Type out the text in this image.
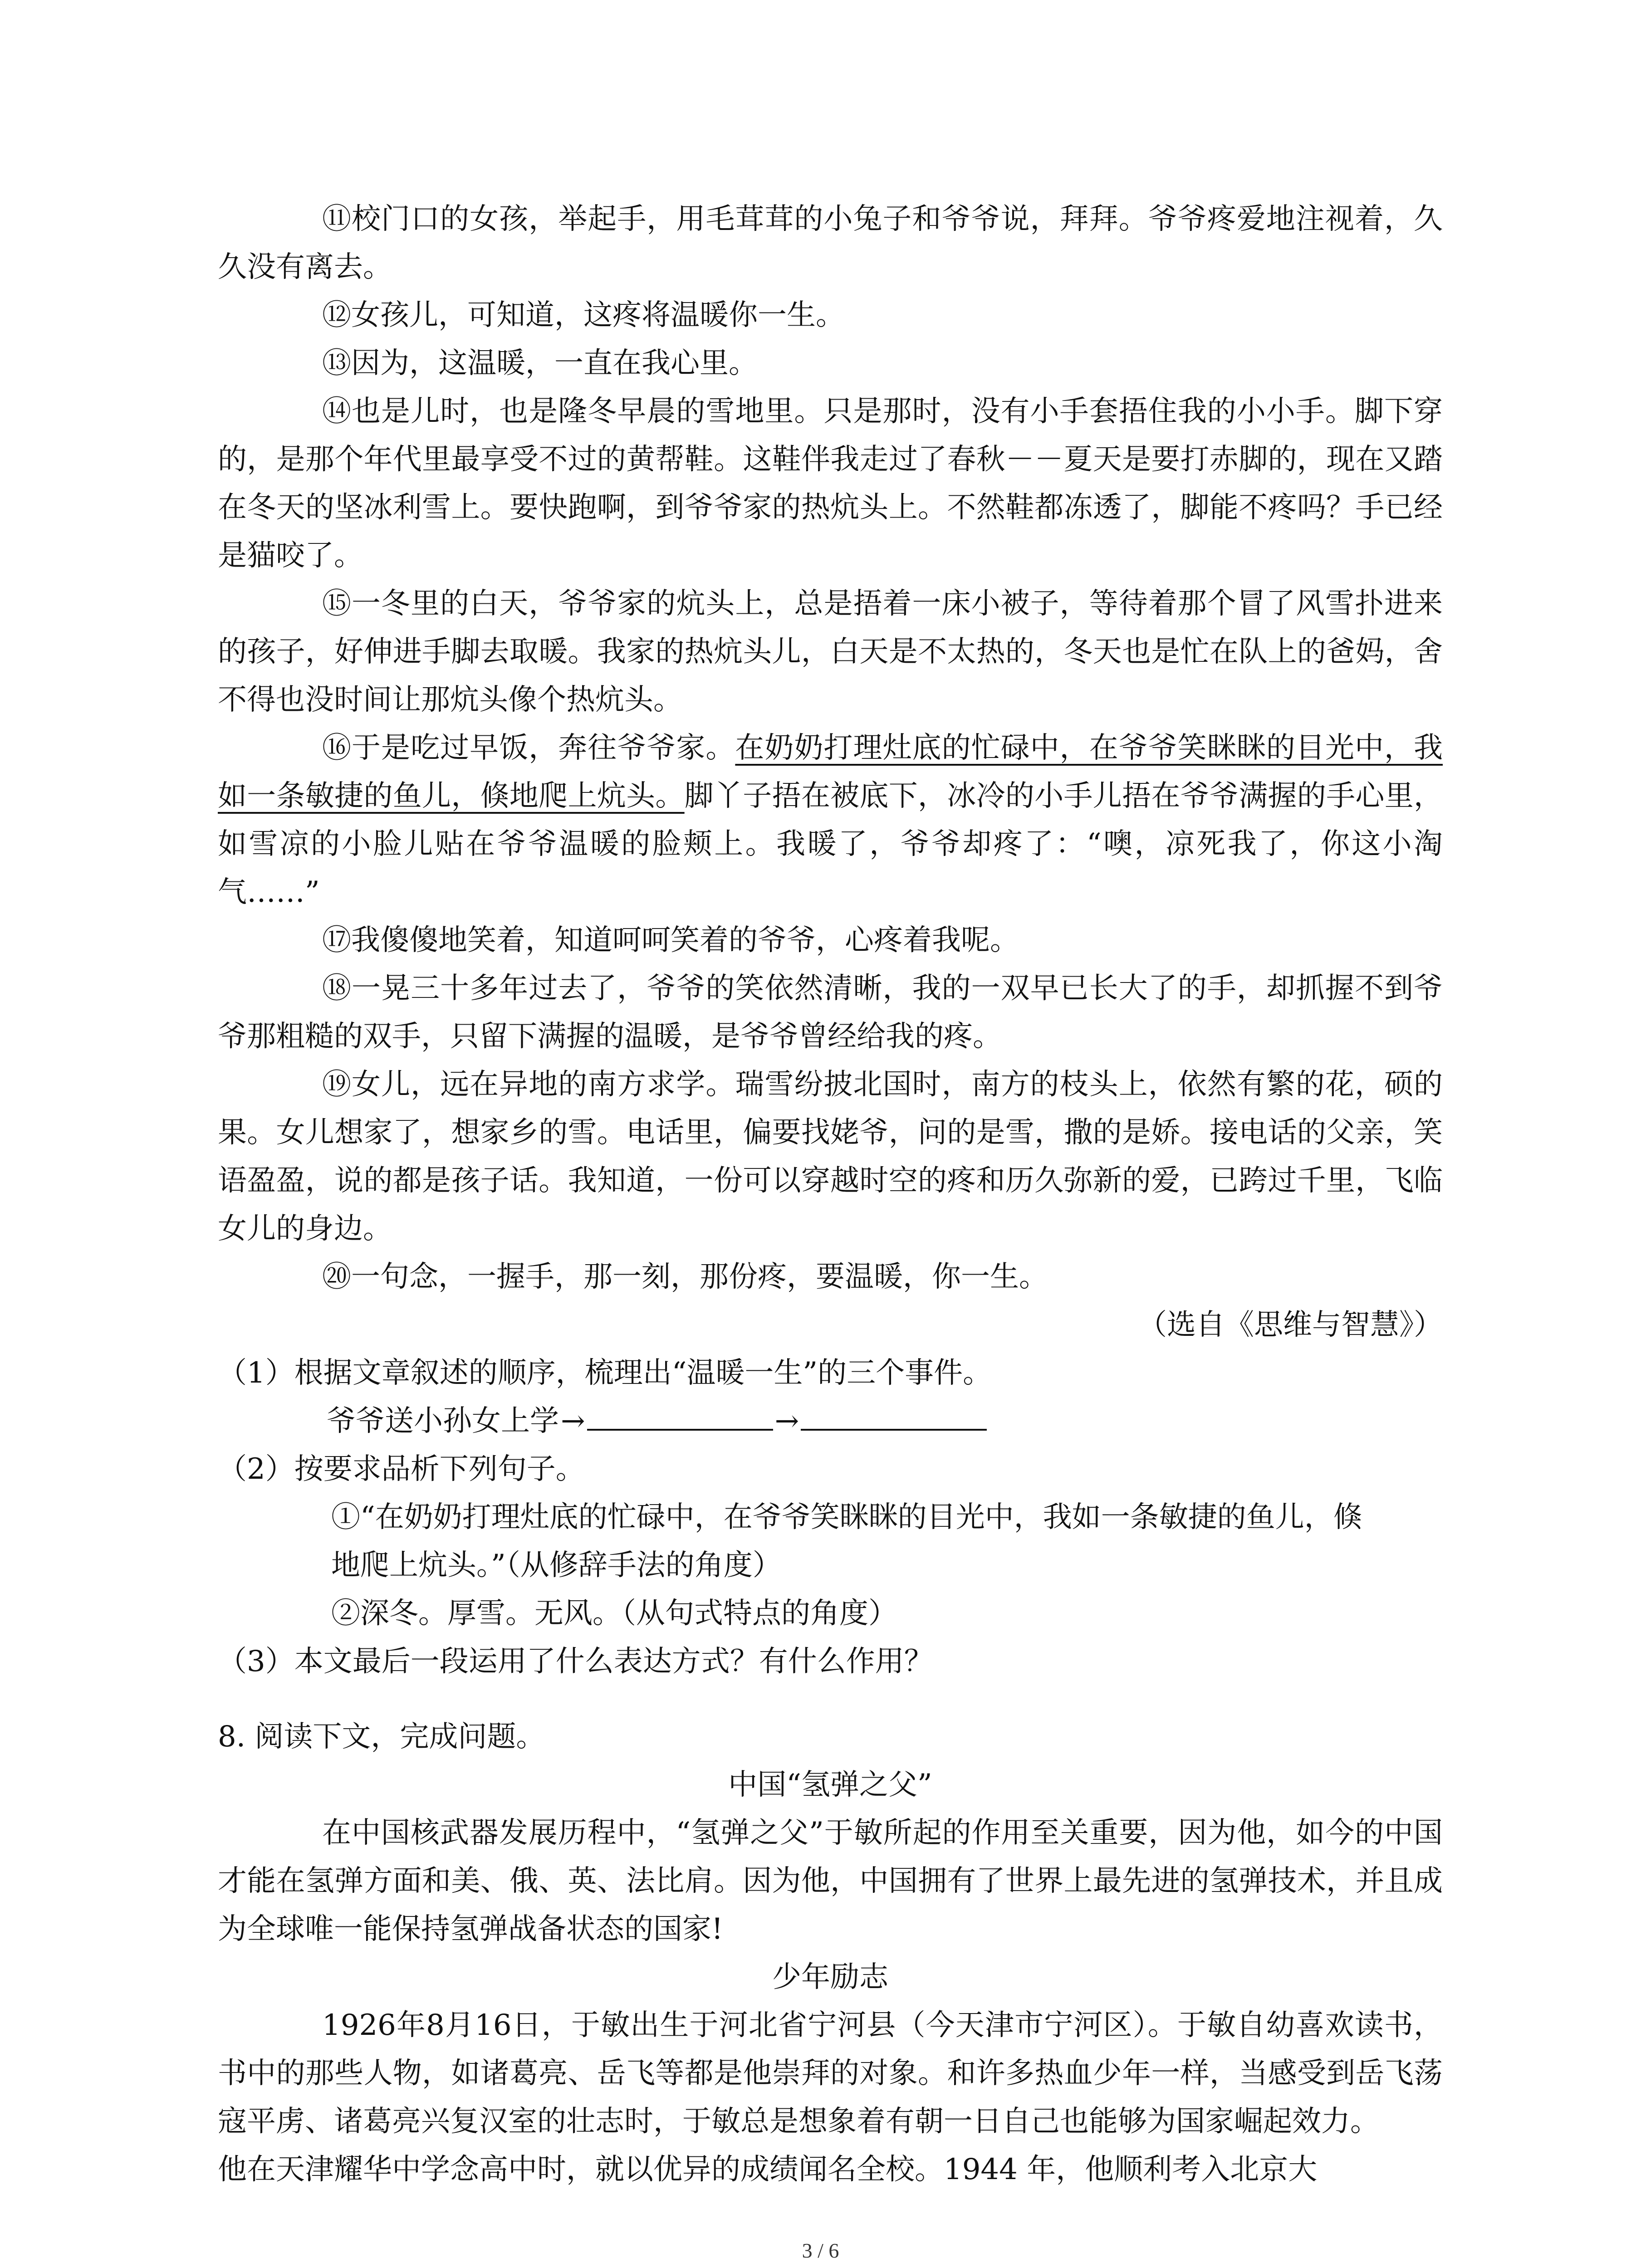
⑪校门口的女孩，举起手，用毛茸茸的小兔子和爷爷说，拜拜。爷爷疼爱地注视着，久久没有离去。

⑫女孩儿，可知道，这疼将温暖你一生。

⑬因为，这温暖，一直在我心里。

⑭也是儿时，也是隆冬早晨的雪地里。只是那时，没有小手套捂住我的小小手。脚下穿的，是那个年代里最享受不过的黄帮鞋。这鞋伴我走过了春秋－－夏天是要打赤脚的，现在又踏在冬天的坚冰利雪上。要快跑啊，到爷爷家的热炕头上。不然鞋都冻透了，脚能不疼吗？手已经是猫咬了。

⑮一冬里的白天，爷爷家的炕头上，总是捂着一床小被子，等待着那个冒了风雪扑进来的孩子，好伸进手脚去取暖。我家的热炕头儿，白天是不太热的，冬天也是忙在队上的爸妈，舍不得也没时间让那炕头像个热炕头。

⑯于是吃过早饭，奔往爷爷家。在奶奶打理灶底的忙碌中，在爷爷笑眯眯的目光中，我如一条敏捷的鱼儿，倏地爬上炕头。脚丫子捂在被底下，冰冷的小手儿捂在爷爷满握的手心里，如雪凉的小脸儿贴在爷爷温暖的脸颊上。我暖了，爷爷却疼了：“噢，凉死我了，你这小淘气……”

⑰我傻傻地笑着，知道呵呵笑着的爷爷，心疼着我呢。

⑱一晃三十多年过去了，爷爷的笑依然清晰，我的一双早已长大了的手，却抓握不到爷爷那粗糙的双手，只留下满握的温暖，是爷爷曾经给我的疼。

⑲女儿，远在异地的南方求学。瑞雪纷披北国时，南方的枝头上，依然有繁的花，硕的果。女儿想家了，想家乡的雪。电话里，偏要找姥爷，问的是雪，撒的是娇。接电话的父亲，笑语盈盈，说的都是孩子话。我知道，一份可以穿越时空的疼和历久弥新的爱，已跨过千里，飞临女儿的身边。

⑳一句念，一握手，那一刻，那份疼，要温暖，你一生。

（选自《思维与智慧》）

（1）根据文章叙述的顺序，梳理出“温暖一生”的三个事件。

爷爷送小孙女上学→	→

（2）按要求品析下列句子。

①“在奶奶打理灶底的忙碌中，在爷爷笑眯眯的目光中，我如一条敏捷的鱼儿，倏

地爬上炕头。”（从修辞手法的角度）

②深冬。厚雪。无风。（从句式特点的角度）

（3）本文最后一段运用了什么表达方式？有什么作用？

8. 阅读下文，完成问题。

中国“氢弹之父”

在中国核武器发展历程中，“氢弹之父”于敏所起的作用至关重要，因为他，如今的中国才能在氢弹方面和美、俄、英、法比肩。因为他，中国拥有了世界上最先进的氢弹技术，并且成为全球唯一能保持氢弹战备状态的国家!

少年励志

1926年8月16日，于敏出生于河北省宁河县（今天津市宁河区）。于敏自幼喜欢读书，书中的那些人物，如诸葛亮、岳飞等都是他崇拜的对象。和许多热血少年一样，当感受到岳飞荡寇平虏、诸葛亮兴复汉室的壮志时，于敏总是想象着有朝一日自己也能够为国家崛起效力。

他在天津耀华中学念高中时，就以优异的成绩闻名全校。1944 年，他顺利考入北京大

3 / 6
